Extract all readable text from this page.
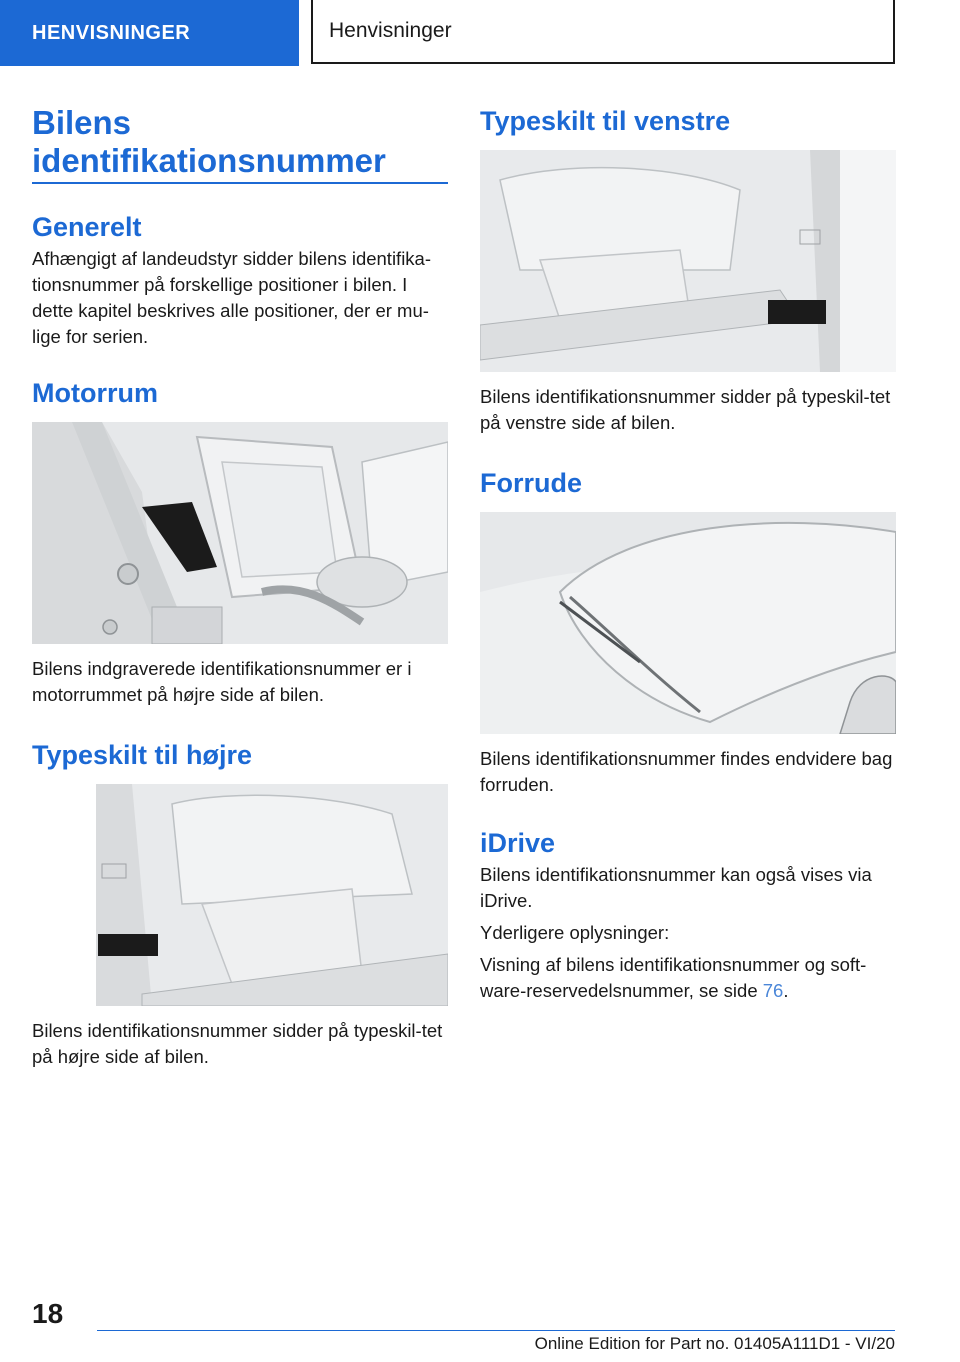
HENVISNINGER	Henvisninger
Bilens identifikationsnummer
Generelt

Afhængigt af landeudstyr sidder bilens identifika-tionsnummer på forskellige positioner i bilen. I dette kapitel beskrives alle positioner, der er mu-lige for serien.

Motorrum

Bilens indgraverede identifikationsnummer er i motorrummet på højre side af bilen.

Typeskilt til højre

Bilens identifikationsnummer sidder på typeskil-tet på højre side af bilen.

Typeskilt til venstre

Bilens identifikationsnummer sidder på typeskil-tet på venstre side af bilen.

Forrude

Bilens identifikationsnummer findes endvidere bag forruden.

iDrive

Bilens identifikationsnummer kan også vises via iDrive.

Yderligere oplysninger:

Visning af bilens identifikationsnummer og soft-ware-reservedelsnummer, se side 76.

18
Online Edition for Part no. 01405A111D1 - VI/20
